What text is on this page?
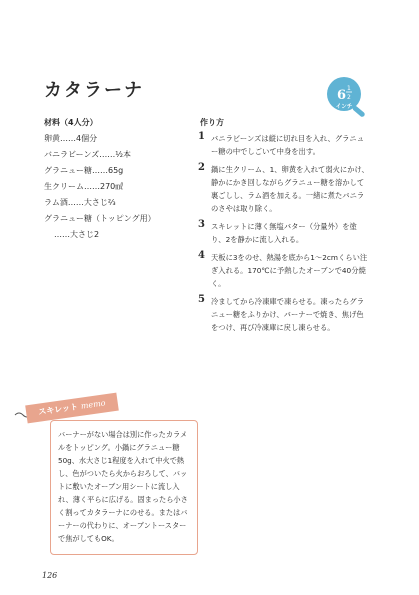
カタラーナ	6 1
2
インチ
材料（4人分）
卵黄……4個分
バニラビーンズ……½本
グラニュー糖……65g
生クリーム……270㎖
ラム酒……大さじ⅔
グラニュー糖（トッピング用）
……大さじ2
作り方
1 バニラビーンズは縦に切れ目を入れ、グラニュー糖の中でしごいて中身を出す。
2 鍋に生クリーム、1、卵黄を入れて弱火にかけ、静かにかき回しながらグラニュー糖を溶かして裏ごしし、ラム酒を加える。一緒に煮たバニラのさやは取り除く。
3 スキレットに薄く無塩バター（分量外）を塗り、2を静かに流し入れる。
4 天板に3をのせ、熱湯を底から1〜2cmくらい注ぎ入れる。170℃に予熱したオーブンで40分焼く。
5 冷ましてから冷凍庫で凍らせる。凍ったらグラニュー糖をふりかけ、バーナーで焼き、焦げ色をつけ、再び冷凍庫に戻し凍らせる。
スキレット memo
バーナーがない場合は別に作ったカラメルをトッピング。小鍋にグラニュー糖50g、水大さじ1程度を入れて中火で熱し、色がついたら火からおろして、バットに敷いたオーブン用シートに流し入れ、薄く平らに広げる。固まったら小さく割ってカタラーナにのせる。またはバーナーの代わりに、オーブントースターで焦がしてもOK。
126
